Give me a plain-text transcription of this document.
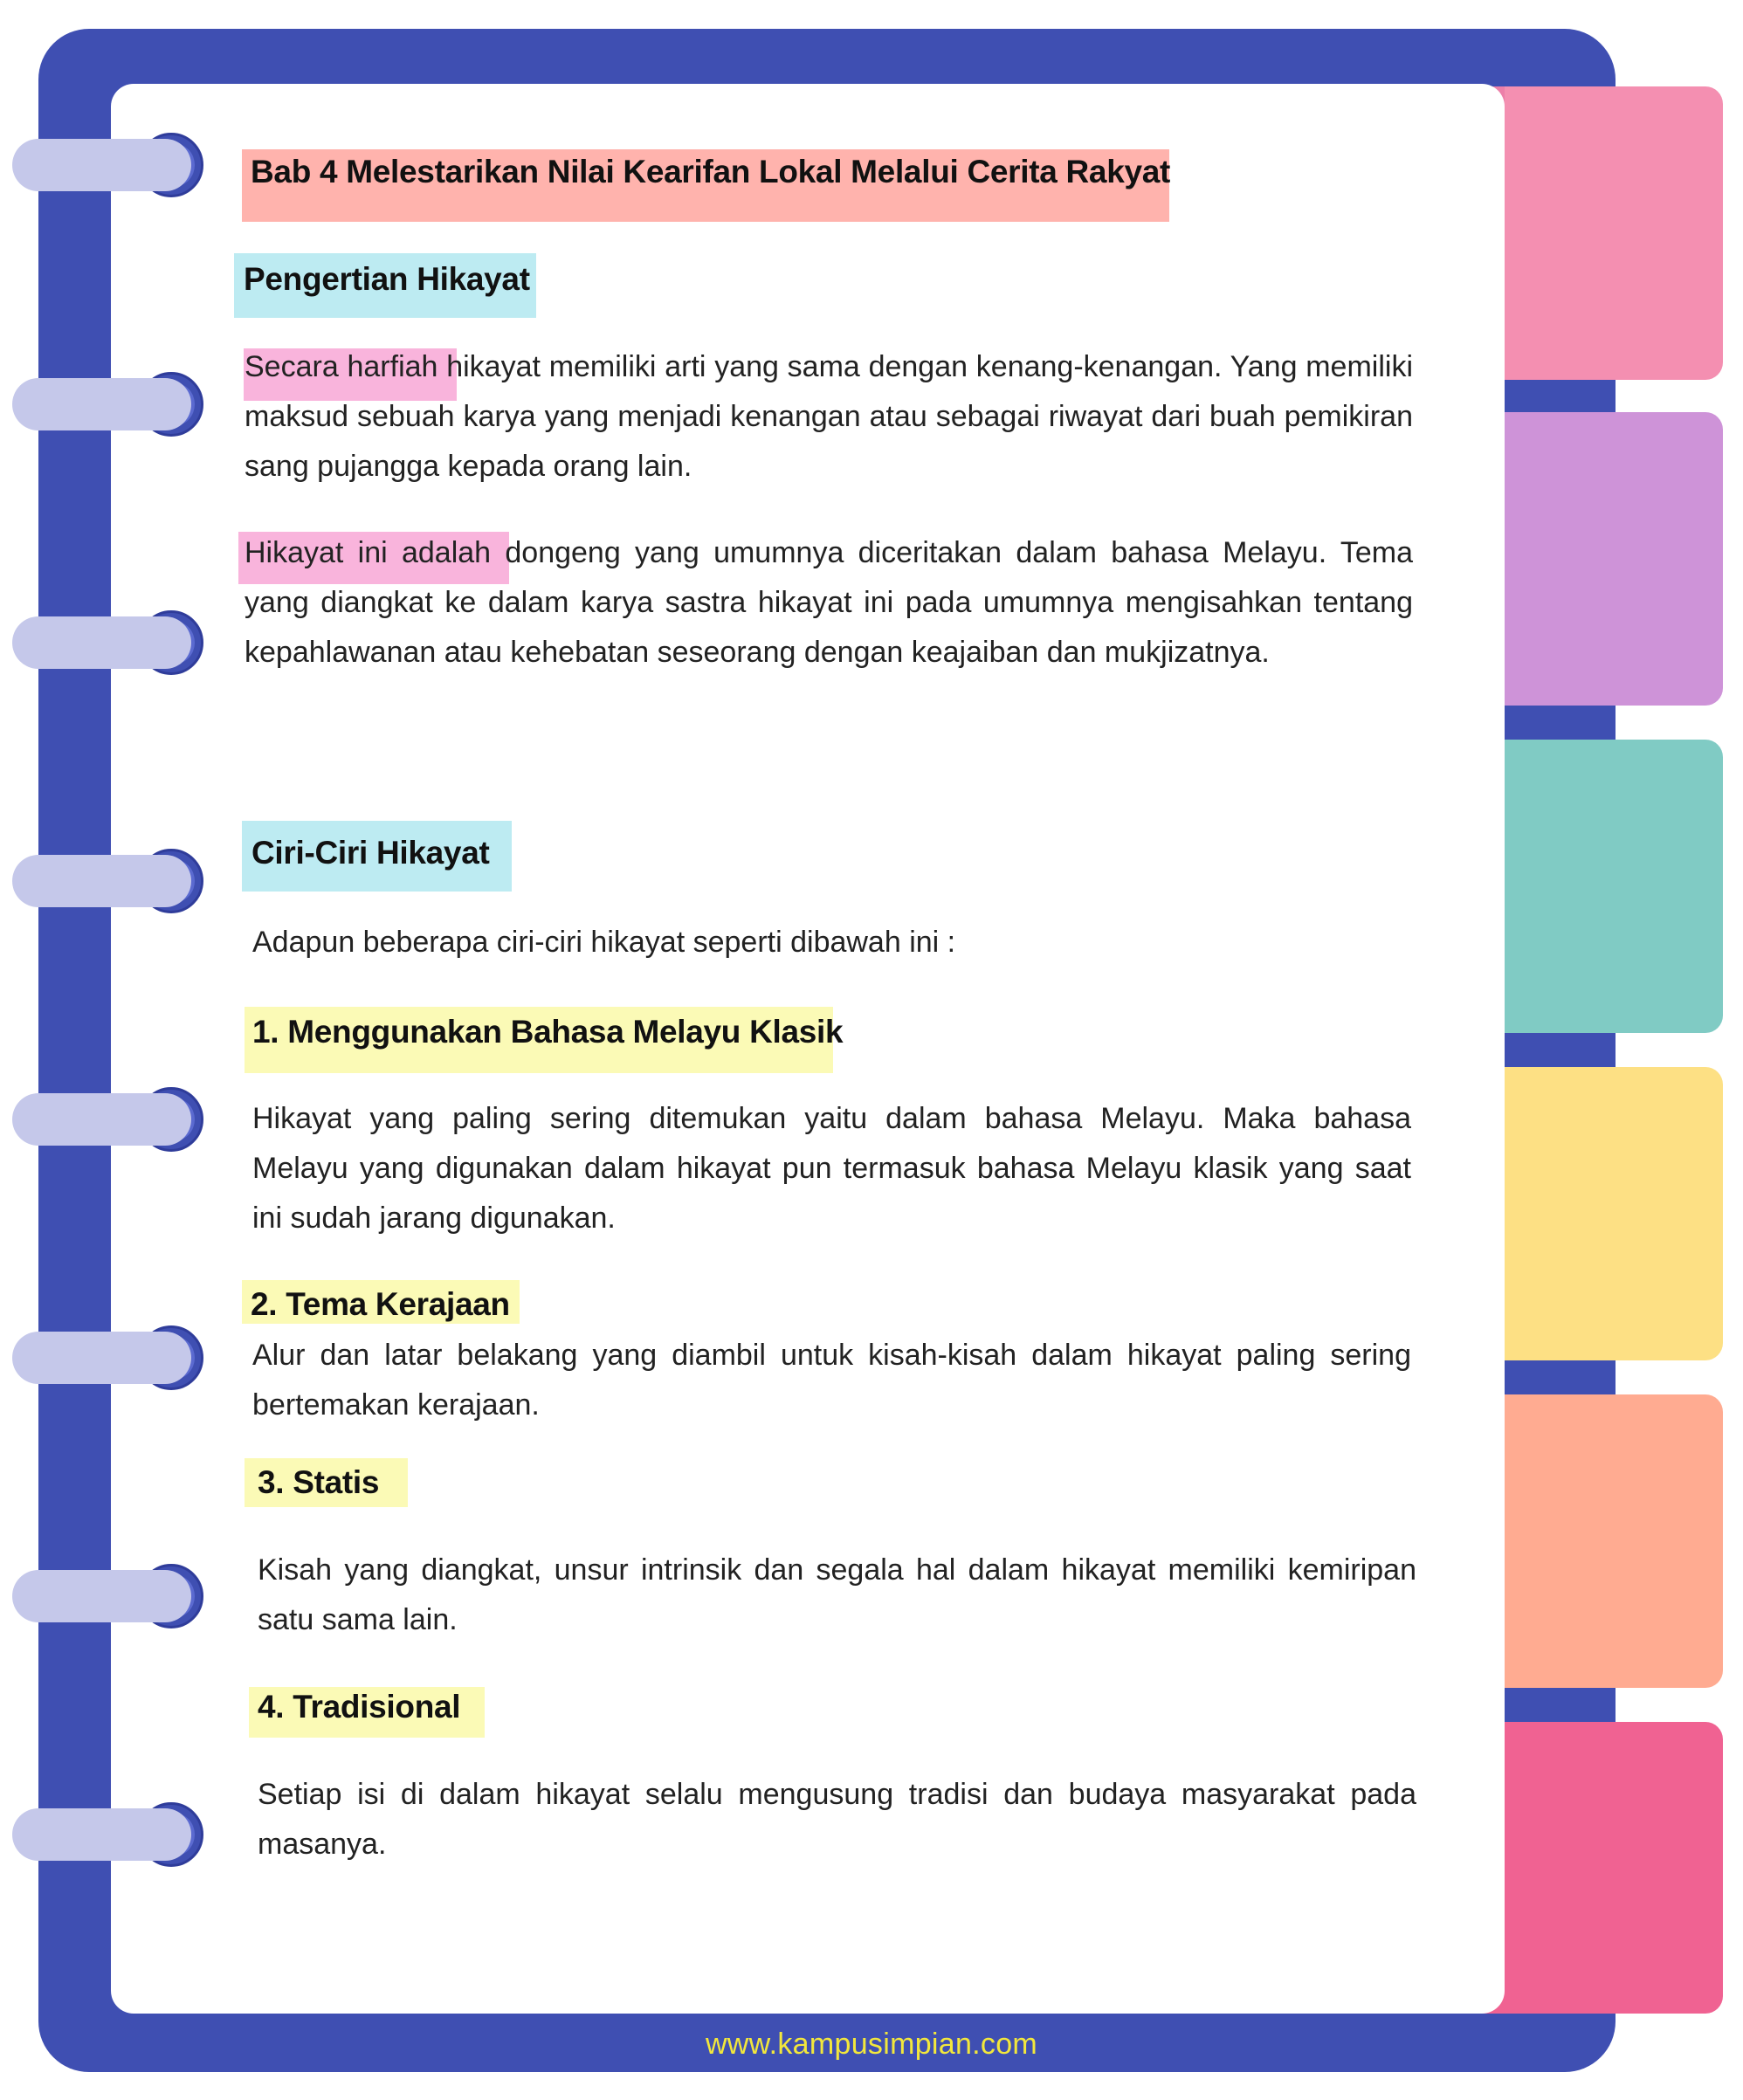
Bab 4 Melestarikan Nilai Kearifan Lokal Melalui Cerita Rakyat
Pengertian Hikayat
Secara harfiah hikayat memiliki arti yang sama dengan kenang-kenangan. Yang memiliki maksud sebuah karya yang menjadi kenangan atau sebagai riwayat dari buah pemikiran sang pujangga kepada orang lain.
Hikayat ini adalah dongeng yang umumnya diceritakan dalam bahasa Melayu. Tema yang diangkat ke dalam karya sastra hikayat ini pada umumnya mengisahkan tentang kepahlawanan atau kehebatan seseorang dengan keajaiban dan mukjizatnya.
Ciri-Ciri Hikayat
Adapun beberapa ciri-ciri hikayat seperti dibawah ini :
1. Menggunakan Bahasa Melayu Klasik
Hikayat yang paling sering ditemukan yaitu dalam bahasa Melayu. Maka bahasa Melayu yang digunakan dalam hikayat pun termasuk bahasa Melayu klasik yang saat ini sudah jarang digunakan.
2. Tema Kerajaan
Alur dan latar belakang yang diambil untuk kisah-kisah dalam hikayat paling sering bertemakan kerajaan.
3. Statis
Kisah yang diangkat, unsur intrinsik dan segala hal dalam hikayat memiliki kemiripan satu sama lain.
4. Tradisional
Setiap isi di dalam hikayat selalu mengusung tradisi dan budaya masyarakat pada masanya.
www.kampusimpian.com
